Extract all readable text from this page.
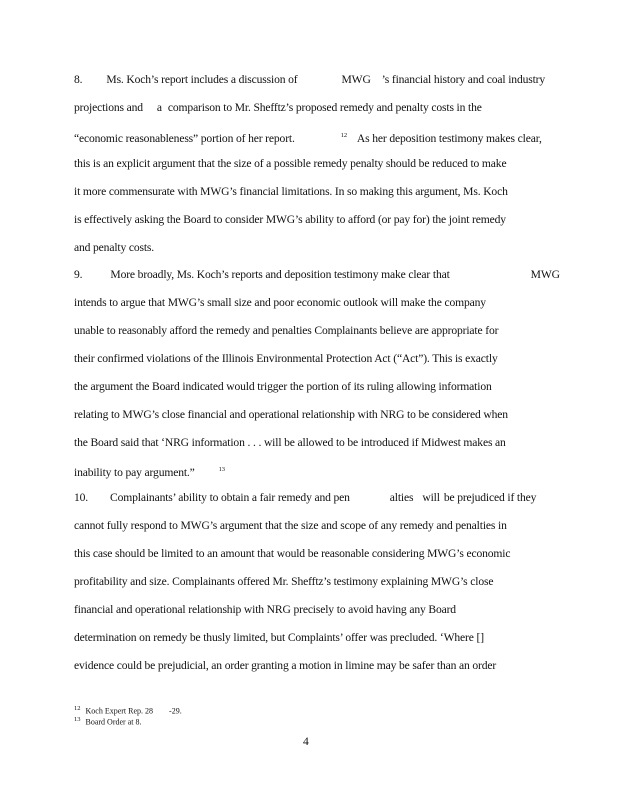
8. Ms. Koch’s report includes a discussion of	MWG ’s financial history and coal industry
projections and a comparison to Mr. Shefftz’s proposed remedy and penalty costs in the
“economic reasonableness” portion of her report.	$^{12}$ As her deposition testimony makes clear,
this is an explicit argument that the size of a possible remedy penalty should be reduced to make
it more commensurate with MWG’s financial limitations. In so making this argument, Ms. Koch
is effectively asking the Board to consider MWG’s ability to afford (or pay for) the joint remedy
and penalty costs.
9. More broadly, Ms. Koch’s reports and deposition testimony make clear that	MWG
intends to argue that MWG’s small size and poor economic outlook will make the company
unable to reasonably afford the remedy and penalties Complainants believe are appropriate for
their confirmed violations of the Illinois Environmental Protection Act (“Act”). This is exactly
the argument the Board indicated would trigger the portion of its ruling allowing information
relating to MWG’s close financial and operational relationship with NRG to be considered when
the Board said that ‘NRG information . . . will be allowed to be introduced if Midwest makes an
inability to pay argument.”	$^{13}$
10. Complainants’ ability to obtain a fair remedy and pen	alties will be prejudiced if they
cannot fully respond to MWG’s argument that the size and scope of any remedy and penalties in
this case should be limited to an amount that would be reasonable considering MWG’s economic
profitability and size. Complainants offered Mr. Shefftz’s testimony explaining MWG’s close
financial and operational relationship with NRG precisely to avoid having any Board
determination on remedy be thusly limited, but Complaints’ offer was precluded. ‘Where []
evidence could be prejudicial, an order granting a motion in limine may be safer than an order
$^{12}$ Koch Expert Rep. 28 -29.
$^{13}$ Board Order at 8.
4
